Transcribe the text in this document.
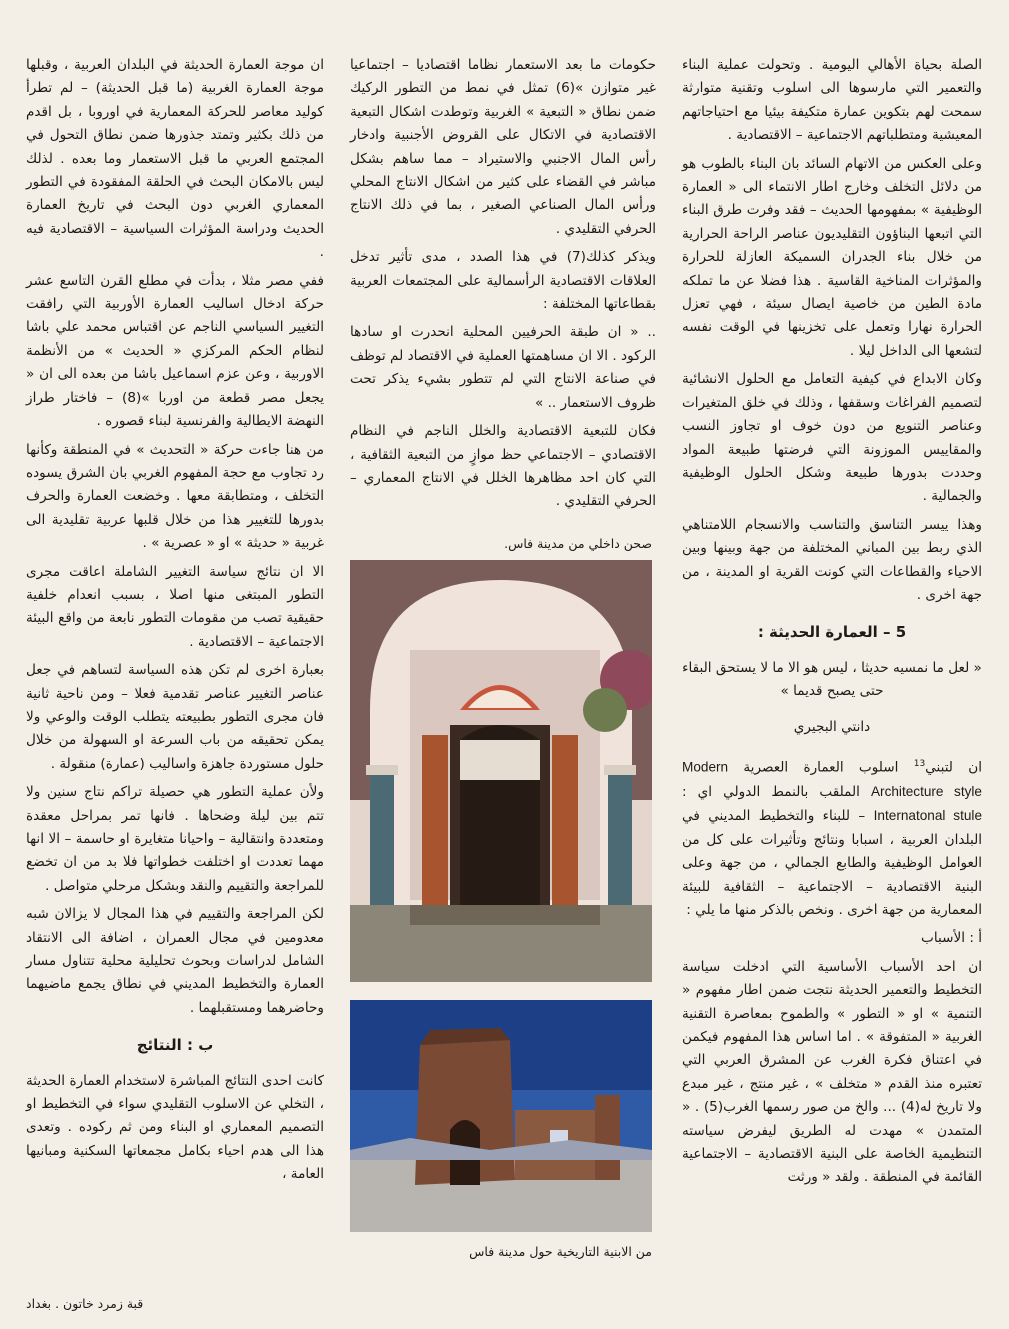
الصلة بحياة الأهالي اليومية . وتحولت عملية البناء والتعمير التي مارسوها الى اسلوب وتقنية متوارثة سمحت لهم بتكوين عمارة متكيفة بيئيا مع احتياجاتهم المعيشية ومتطلباتهم الاجتماعية – الاقتصادية .

وعلى العكس من الاتهام السائد بان البناء بالطوب هو من دلائل التخلف وخارج اطار الانتماء الى « العمارة الوظيفية » بمفهومها الحديث – فقد وفرت طرق البناء التي اتبعها البناؤون التقليديون عناصر الراحة الحرارية من خلال بناء الجدران السميكة العازلة للحرارة والمؤثرات المناخية القاسية . هذا فضلا عن ما تملكه مادة الطين من خاصية ايصال سيئة ، فهي تعزل الحرارة نهارا وتعمل على تخزينها في الوقت نفسه لتشعها الى الداخل ليلا .

وكان الابداع في كيفية التعامل مع الحلول الانشائية لتصميم الفراغات وسقفها ، وذلك في خلق المتغيرات وعناصر التنويع من دون خوف او تجاوز النسب والمقاييس الموزونة التي فرضتها طبيعة المواد وحددت بدورها طبيعة وشكل الحلول الوظيفية والجمالية .

وهذا ييسر التناسق والتناسب والانسجام اللامتناهي الذي ربط بين المباني المختلفة من جهة وبينها وبين الاحياء والقطاعات التي كونت القرية او المدينة ، من جهة اخرى .

5 – العمارة الحديثة :

« لعل ما نمسيه حديثا ، ليس هو الا ما لا يستحق البقاء حتى يصبح قديما »

دانتي البجيري

ان لتبني$^{13}$ اسلوب العمارة العصرية Modern Architecture style الملقب بالنمط الدولي اي : Internatonal stule – للبناء والتخطيط المديني في البلدان العربية ، اسبابا ونتائج وتأثيرات على كل من العوامل الوظيفية والطابع الجمالي ، من جهة وعلى البنية الاقتصادية – الاجتماعية – الثقافية للبيئة المعمارية من جهة اخرى . ونخص بالذكر منها ما يلي :

أ : الأسباب

ان احد الأسباب الأساسية التي ادخلت سياسة التخطيط والتعمير الحديثة نتجت ضمن اطار مفهوم « التنمية » او « التطور » والطموح بمعاصرة التقنية الغربية « المتفوقة » . اما اساس هذا المفهوم فيكمن في اعتناق فكرة الغرب عن المشرق العربي التي تعتبره منذ القدم « متخلف » ، غير منتج ، غير مبدع ولا تاريخ له(4) ... والخ من صور رسمها الغرب(5) . « المتمدن » مهدت له الطريق ليفرض سياسته التنظيمية الخاصة على البنية الاقتصادية – الاجتماعية القائمة في المنطقة . ولقد « ورثت

حكومات ما بعد الاستعمار نظاما اقتصاديا – اجتماعيا غير متوازن »(6) تمثل في نمط من التطور الركيك ضمن نطاق « التبعية » الغربية وتوطدت اشكال التبعية الاقتصادية في الاتكال على القروض الأجنبية وادخار رأس المال الاجنبي والاستيراد – مما ساهم بشكل مباشر في القضاء على كثير من اشكال الانتاج المحلي ورأس المال الصناعي الصغير ، بما في ذلك الانتاج الحرفي التقليدي .

ويذكر كذلك(7) في هذا الصدد ، مدى تأثير تدخل العلاقات الاقتصادية الرأسمالية على المجتمعات العربية بقطاعاتها المختلفة :

.. « ان طبقة الحرفيين المحلية انحدرت او سادها الركود . الا ان مساهمتها العملية في الاقتصاد لم توظف في صناعة الانتاج التي لم تتطور بشيء يذكر تحت ظروف الاستعمار .. »

فكان للتبعية الاقتصادية والخلل الناجم في النظام الاقتصادي – الاجتماعي حظ موازٍ من التبعية الثقافية ، التي كان احد مظاهرها الخلل في الانتاج المعماري – الحرفي التقليدي .

صحن داخلي من مدينة فاس.
من الابنية التاريخية حول مدينة فاس

ان موجة العمارة الحديثة في البلدان العربية ، وقبلها موجة العمارة الغربية (ما قبل الحديثة) – لم تطرأ كوليد معاصر للحركة المعمارية في اوروبا ، بل اقدم من ذلك بكثير وتمتد جذورها ضمن نطاق التحول في المجتمع العربي ما قبل الاستعمار وما بعده . لذلك ليس بالامكان البحث في الحلقة المفقودة في التطور المعماري الغربي دون البحث في تاريخ العمارة الحديث ودراسة المؤثرات السياسية – الاقتصادية فيه .

ففي مصر مثلا ، بدأت في مطلع القرن التاسع عشر حركة ادخال اساليب العمارة الأوربية التي رافقت التغيير السياسي الناجم عن اقتباس محمد علي باشا لنظام الحكم المركزي « الحديث » من الأنظمة الاوربية ، وعن عزم اسماعيل باشا من بعده الى ان « يجعل مصر قطعة من اوربا »(8) – فاختار طراز النهضة الايطالية والفرنسية لبناء قصوره .

من هنا جاءت حركة « التحديث » في المنطقة وكأنها رد تجاوب مع حجة المفهوم الغربي بان الشرق يسوده التخلف ، ومتطابقة معها . وخضعت العمارة والحرف بدورها للتغيير هذا من خلال قلبها عربية تقليدية الى غربية « حديثة » او « عصرية » .

الا ان نتائج سياسة التغيير الشاملة اعاقت مجرى التطور المبتغى منها اصلا ، بسبب انعدام خلفية حقيقية تصب من مقومات التطور نابعة من واقع البيئة الاجتماعية – الاقتصادية .

بعبارة اخرى لم تكن هذه السياسة لتساهم في جعل عناصر التغيير عناصر تقدمية فعلا – ومن ناحية ثانية فان مجرى التطور بطبيعته يتطلب الوقت والوعي ولا يمكن تحقيقه من باب السرعة او السهولة من خلال حلول مستوردة جاهزة واساليب (عمارة) منقولة .

ولأن عملية التطور هي حصيلة تراكم نتاج سنين ولا تتم بين ليلة وضحاها . فانها تمر بمراحل معقدة ومتعددة وانتقالية – واحيانا متغايرة او حاسمة – الا انها مهما تعددت او اختلفت خطواتها فلا بد من ان تخضع للمراجعة والتقييم والنقد وبشكل مرحلي متواصل .

لكن المراجعة والتقييم في هذا المجال لا يزالان شبه معدومين في مجال العمران ، اضافة الى الانتقاد الشامل لدراسات وبحوث تحليلية محلية تتناول مسار العمارة والتخطيط المديني في نطاق يجمع ماضيهما وحاضرهما ومستقبلهما .

ب : النتائج

كانت احدى النتائج المباشرة لاستخدام العمارة الحديثة ، التخلي عن الاسلوب التقليدي سواء في التخطيط او التصميم المعماري او البناء ومن ثم ركوده . وتعدى هذا الى هدم احياء بكامل مجمعاتها السكنية ومبانيها العامة ،

قبة زمرد خاتون . بغداد
